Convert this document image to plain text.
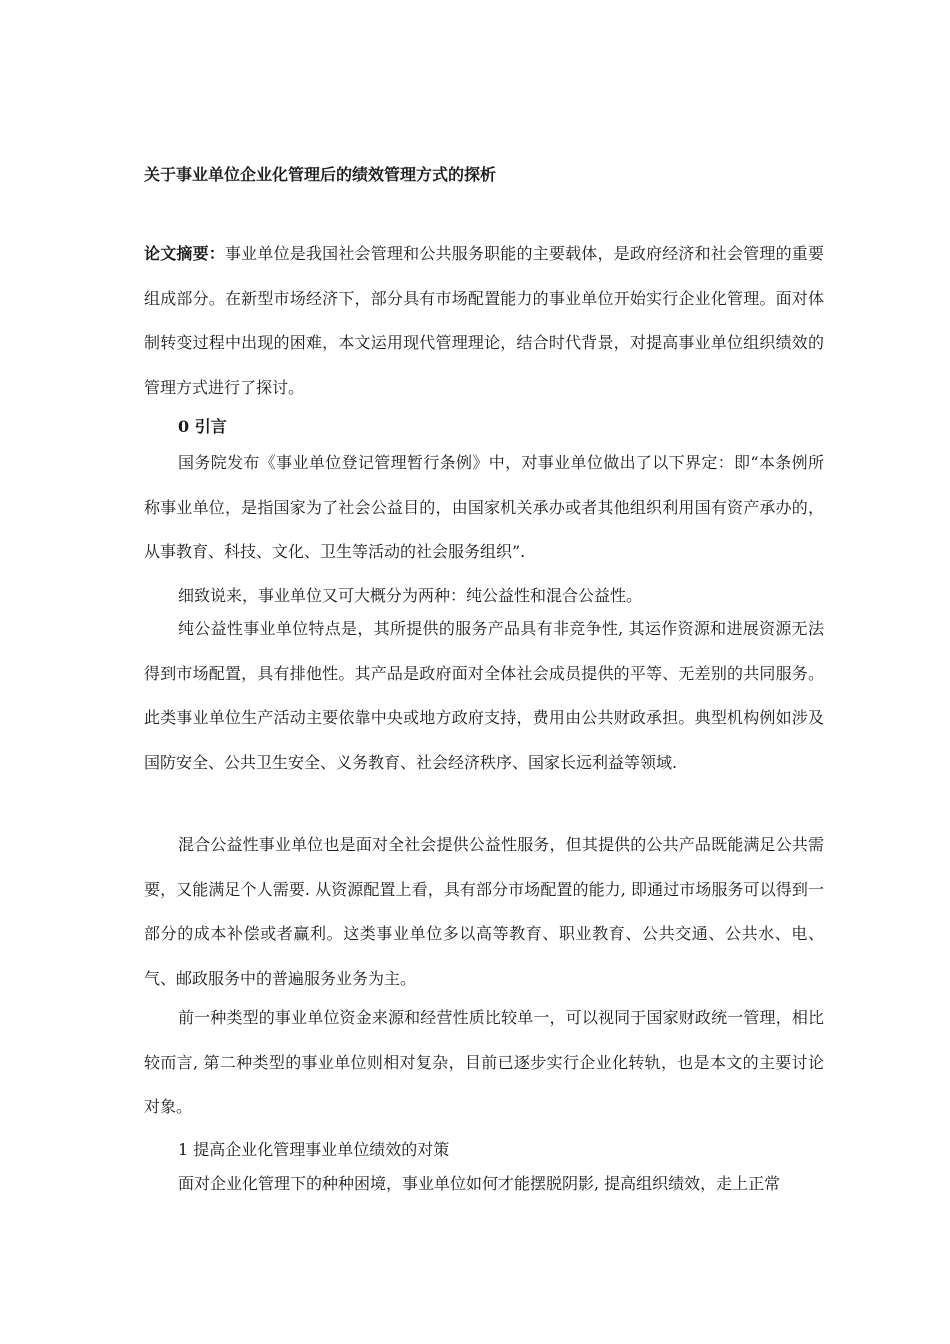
关于事业单位企业化管理后的绩效管理方式的探析

论文摘要：事业单位是我国社会管理和公共服务职能的主要载体，是政府经济和社会管理的重要组成部分。在新型市场经济下，部分具有市场配置能力的事业单位开始实行企业化管理。面对体制转变过程中出现的困难，本文运用现代管理理论，结合时代背景，对提高事业单位组织绩效的管理方式进行了探讨。

0 引言

国务院发布《事业单位登记管理暂行条例》中，对事业单位做出了以下界定：即“本条例所称事业单位，是指国家为了社会公益目的，由国家机关承办或者其他组织利用国有资产承办的，从事教育、科技、文化、卫生等活动的社会服务组织”.

细致说来，事业单位又可大概分为两种：纯公益性和混合公益性。

纯公益性事业单位特点是，其所提供的服务产品具有非竞争性, 其运作资源和进展资源无法得到市场配置，具有排他性。其产品是政府面对全体社会成员提供的平等、无差别的共同服务。此类事业单位生产活动主要依靠中央或地方政府支持，费用由公共财政承担。典型机构例如涉及国防安全、公共卫生安全、义务教育、社会经济秩序、国家长远利益等领域.

混合公益性事业单位也是面对全社会提供公益性服务，但其提供的公共产品既能满足公共需要，又能满足个人需要. 从资源配置上看，具有部分市场配置的能力, 即通过市场服务可以得到一部分的成本补偿或者赢利。这类事业单位多以高等教育、职业教育、公共交通、公共水、电、气、邮政服务中的普遍服务业务为主。

前一种类型的事业单位资金来源和经营性质比较单一，可以视同于国家财政统一管理，相比较而言, 第二种类型的事业单位则相对复杂，目前已逐步实行企业化转轨，也是本文的主要讨论对象。

1 提高企业化管理事业单位绩效的对策

面对企业化管理下的种种困境，事业单位如何才能摆脱阴影, 提高组织绩效，走上正常
